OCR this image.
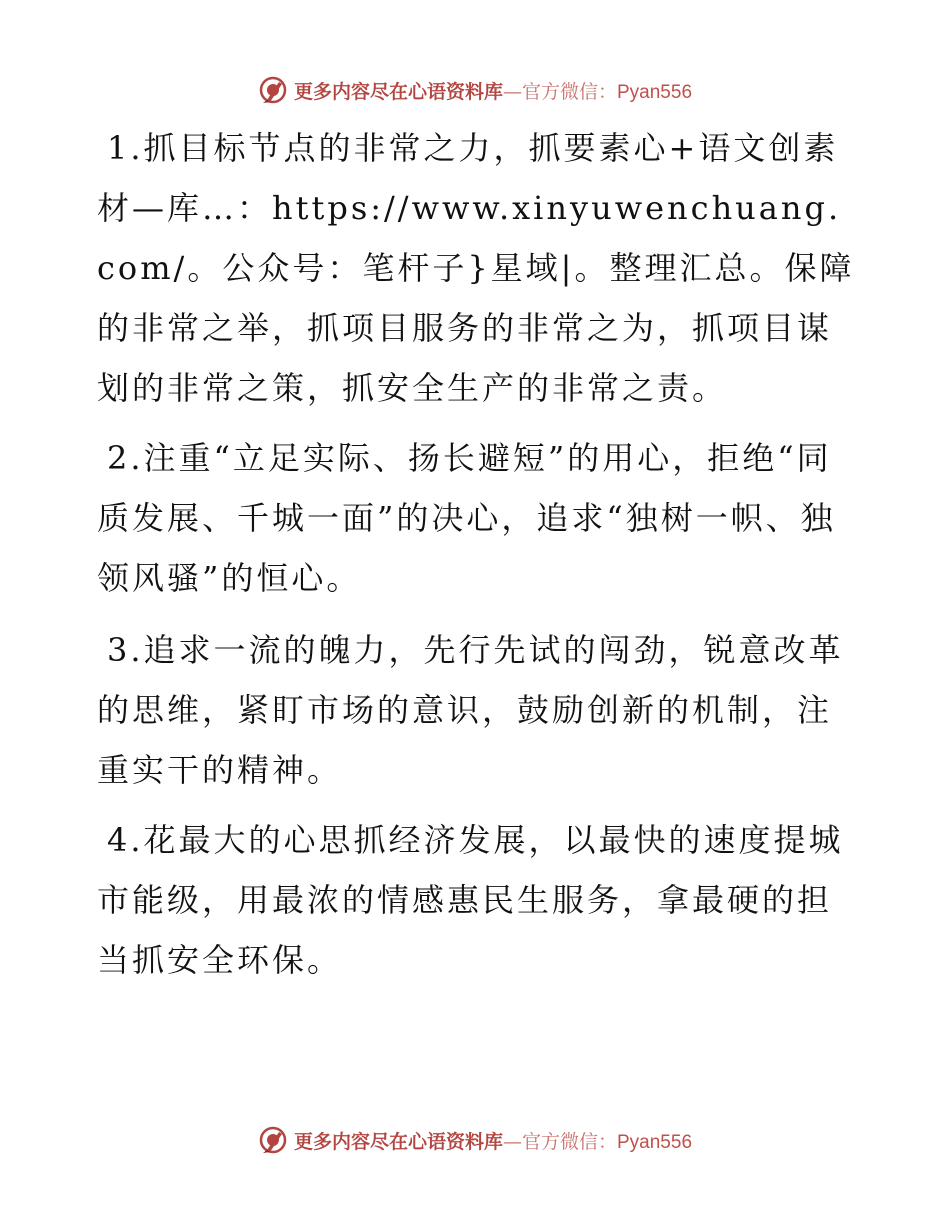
更多内容尽在心语资料库—官方微信：Pyan556

1.抓目标节点的非常之力，抓要素心+语文创素材—库…：https://www.xinyuwenchuang.com/。公众号：笔杆子}星域|。整理汇总。保障的非常之举，抓项目服务的非常之为，抓项目谋划的非常之策，抓安全生产的非常之责。

2.注重“立足实际、扬长避短”的用心，拒绝“同质发展、千城一面”的决心，追求“独树一帜、独领风骚”的恒心。

3.追求一流的魄力，先行先试的闯劲，锐意改革的思维，紧盯市场的意识，鼓励创新的机制，注重实干的精神。

4.花最大的心思抓经济发展，以最快的速度提城市能级，用最浓的情感惠民生服务，拿最硬的担当抓安全环保。

更多内容尽在心语资料库—官方微信：Pyan556
